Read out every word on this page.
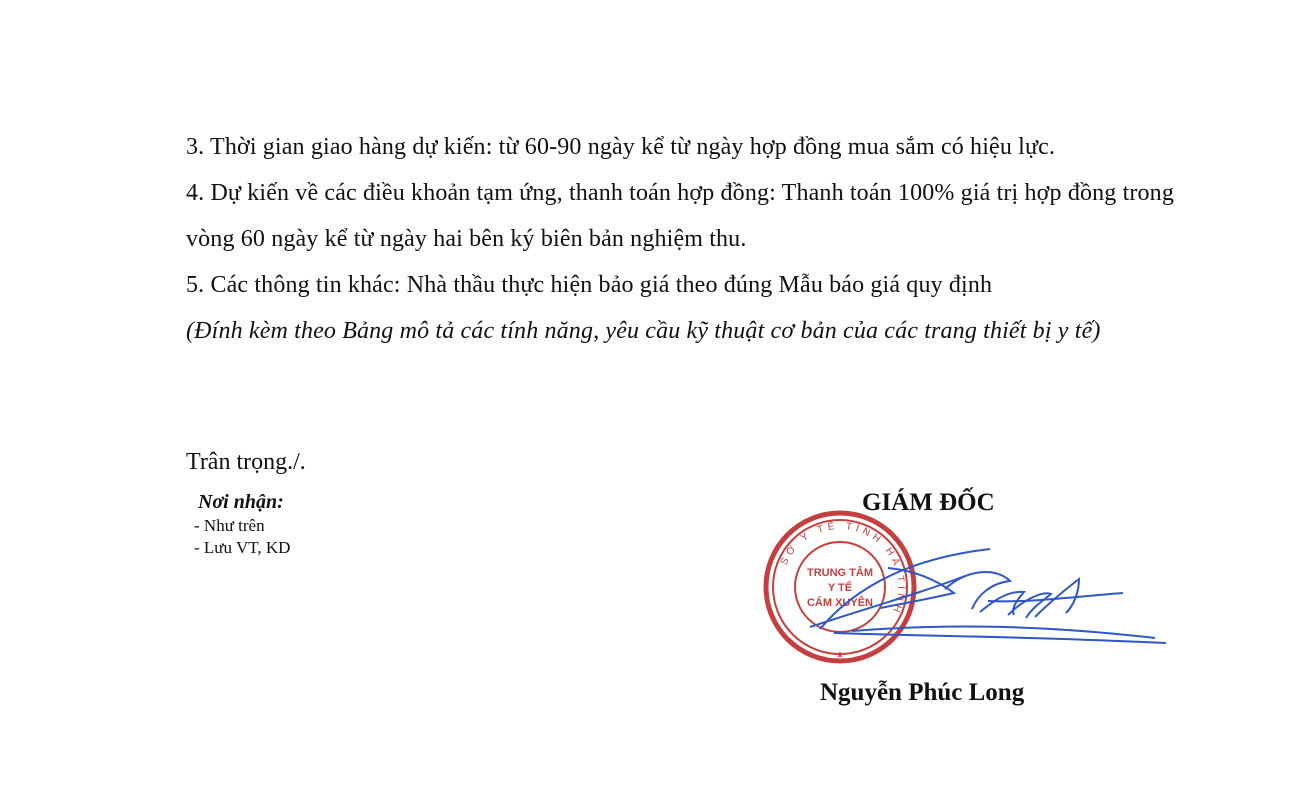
3. Thời gian giao hàng dự kiến: từ 60-90 ngày kể từ ngày hợp đồng mua sắm có hiệu lực.

4. Dự kiến về các điều khoản tạm ứng, thanh toán hợp đồng: Thanh toán 100% giá trị hợp đồng trong vòng 60 ngày kể từ ngày hai bên ký biên bản nghiệm thu.

5. Các thông tin khác: Nhà thầu thực hiện bảo giá theo đúng Mẫu báo giá quy định

(Đính kèm theo Bảng mô tả các tính năng, yêu cầu kỹ thuật cơ bản của các trang thiết bị y tế)

Trân trọng./.
Nơi nhận:
- Như trên
- Lưu VT, KD
GIÁM ĐỐC
SỞ Y TẾ TỈNH HÀ TĨNH
TRUNG TÂM
Y TẾ
CẨM XUYÊN
★
Nguyễn Phúc Long
